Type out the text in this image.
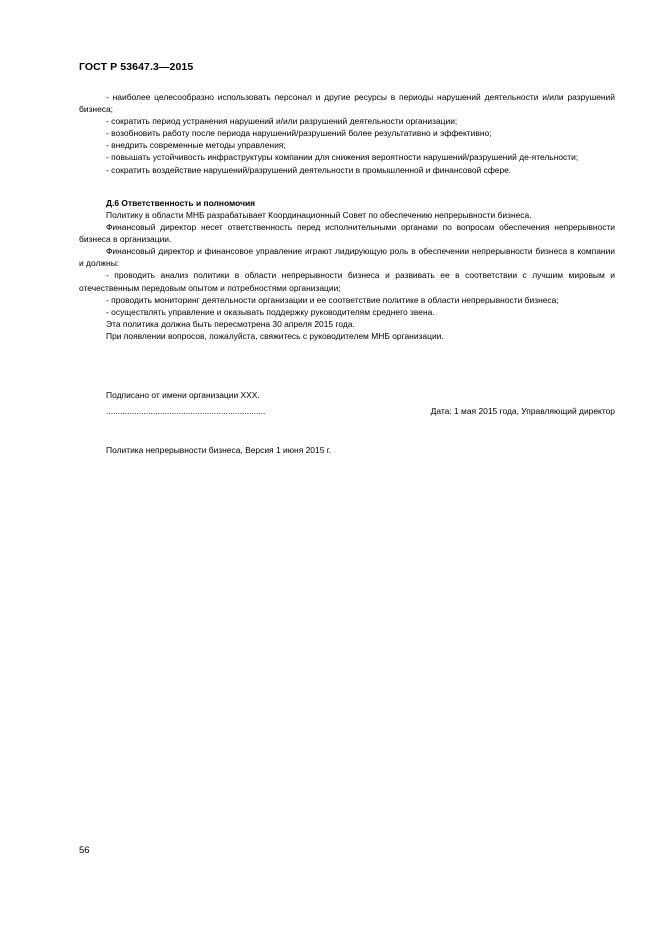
ГОСТ Р 53647.3—2015

- наиболее целесообразно использовать персонал и другие ресурсы в периоды нарушений деятельности и/или разрушений бизнеса;

- сократить период устранения нарушений и/или разрушений деятельности организации;

- возобновить работу после периода нарушений/разрушений более результативно и эффективно;

- внедрить современные методы управления;

- повышать устойчивость инфраструктуры компании для снижения вероятности нарушений/разрушений де-ятельности;

- сократить воздействие нарушений/разрушений деятельности в промышленной и финансовой сфере.

Д.6 Ответственность и полномочия

Политику в области МНБ разрабатывает Координационный Совет по обеспечению непрерывности бизнеса.

Финансовый директор несет ответственность перед исполнительными органами по вопросам обеспечения непрерывности бизнеса в организации.

Финансовый директор и финансовое управление играют лидирующую роль в обеспечении непрерывности бизнеса в компании и должны:

- проводить анализ политики в области непрерывности бизнеса и развивать ее в соответствии с лучшим мировым и отечественным передовым опытом и потребностями организации;

- проводить мониторинг деятельности организации и ее соответствие политике в области непрерывности бизнеса;

- осуществлять управление и оказывать поддержку руководителям среднего звена.

Эта политика должна быть пересмотрена 30 апреля 2015 года.

При появлении вопросов, пожалуйста, свяжитесь с руководителем МНБ организации.

Подписано от имени организации XXX.
....................................................................	Дата: 1 мая 2015 года, Управляющий директор
Политика непрерывности бизнеса, Версия 1 июня 2015 г.
56
